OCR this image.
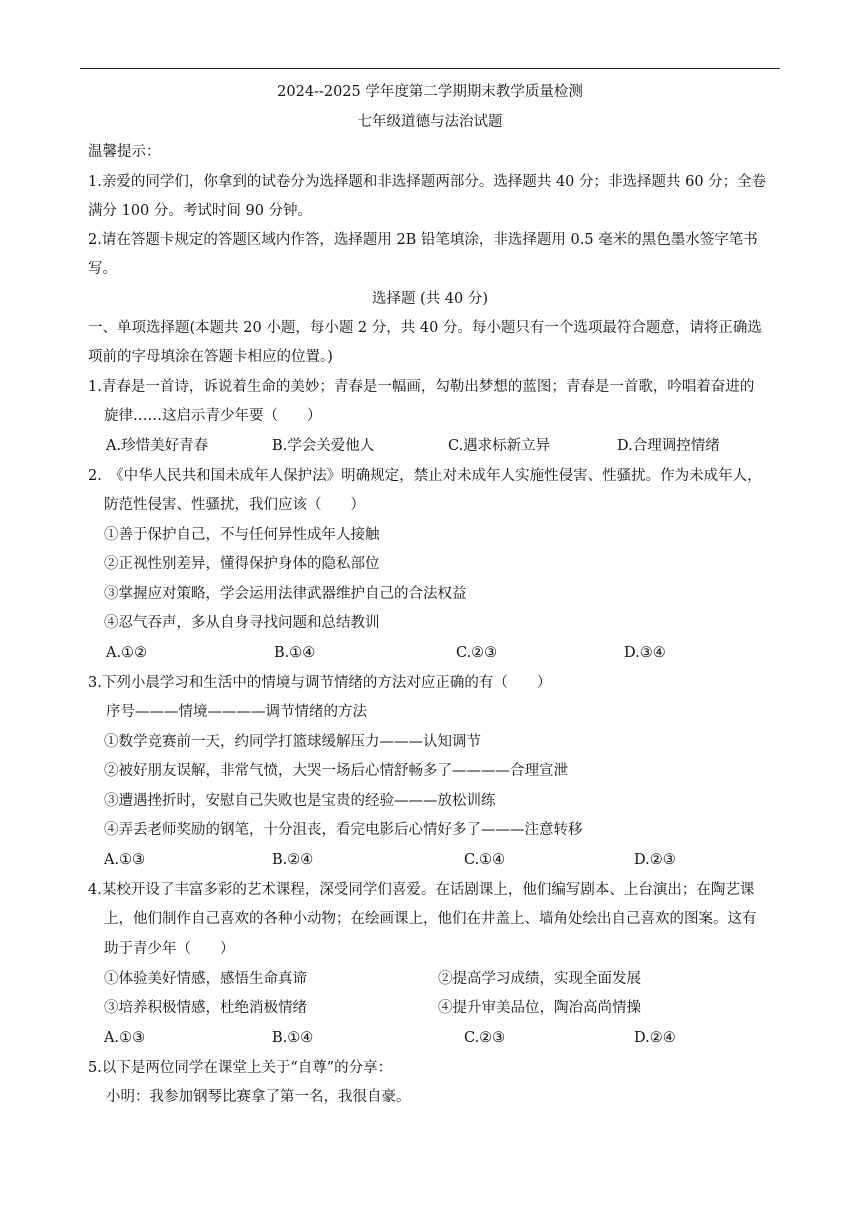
2024--2025 学年度第二学期期末教学质量检测
七年级道德与法治试题
温馨提示：
1.亲爱的同学们，你拿到的试卷分为选择题和非选择题两部分。选择题共 40 分；非选择题共 60 分；全卷
满分 100 分。考试时间 90 分钟。
2.请在答题卡规定的答题区域内作答，选择题用 2B 铅笔填涂，非选择题用 0.5 毫米的黑色墨水签字笔书
写。
选择题 (共 40 分)
一、单项选择题(本题共 20 小题，每小题 2 分，共 40 分。每小题只有一个选项最符合题意，请将正确选
项前的字母填涂在答题卡相应的位置。)
1.青春是一首诗，诉说着生命的美妙；青春是一幅画，勾勒出梦想的蓝图；青春是一首歌，吟唱着奋进的
旋律……这启示青少年要（　　）
A.珍惜美好青春	B.学会关爱他人	C.遇求标新立异	D.合理调控情绪
2.　《中华人民共和国未成年人保护法》明确规定，禁止对未成年人实施性侵害、性骚扰。作为未成年人，
防范性侵害、性骚扰，我们应该（　　）
①善于保护自己，不与任何异性成年人接触
②正视性别差异，懂得保护身体的隐私部位
③掌握应对策略，学会运用法律武器维护自己的合法权益
④忍气吞声，多从自身寻找问题和总结教训
A.①②	B.①④	C.②③	D.③④
3.下列小晨学习和生活中的情境与调节情绪的方法对应正确的有（　　）
序号———情境————调节情绪的方法
①数学竞赛前一天，约同学打篮球缓解压力———认知调节
②被好朋友误解，非常气愤，大哭一场后心情舒畅多了————合理宣泄
③遭遇挫折时，安慰自己失败也是宝贵的经验———放松训练
④弄丢老师奖励的钢笔，十分沮丧，看完电影后心情好多了———注意转移
A.①③	B.②④	C.①④	D.②③
4.某校开设了丰富多彩的艺术课程，深受同学们喜爱。在话剧课上，他们编写剧本、上台演出；在陶艺课
上，他们制作自己喜欢的各种小动物；在绘画课上，他们在井盖上、墙角处绘出自己喜欢的图案。这有
助于青少年（　　）
①体验美好情感，感悟生命真谛	②提高学习成绩，实现全面发展
③培养积极情感，杜绝消极情绪	④提升审美品位，陶冶高尚情操
A.①③	B.①④	C.②③	D.②④
5.以下是两位同学在课堂上关于“自尊”的分享：
小明：我参加钢琴比赛拿了第一名，我很自豪。
